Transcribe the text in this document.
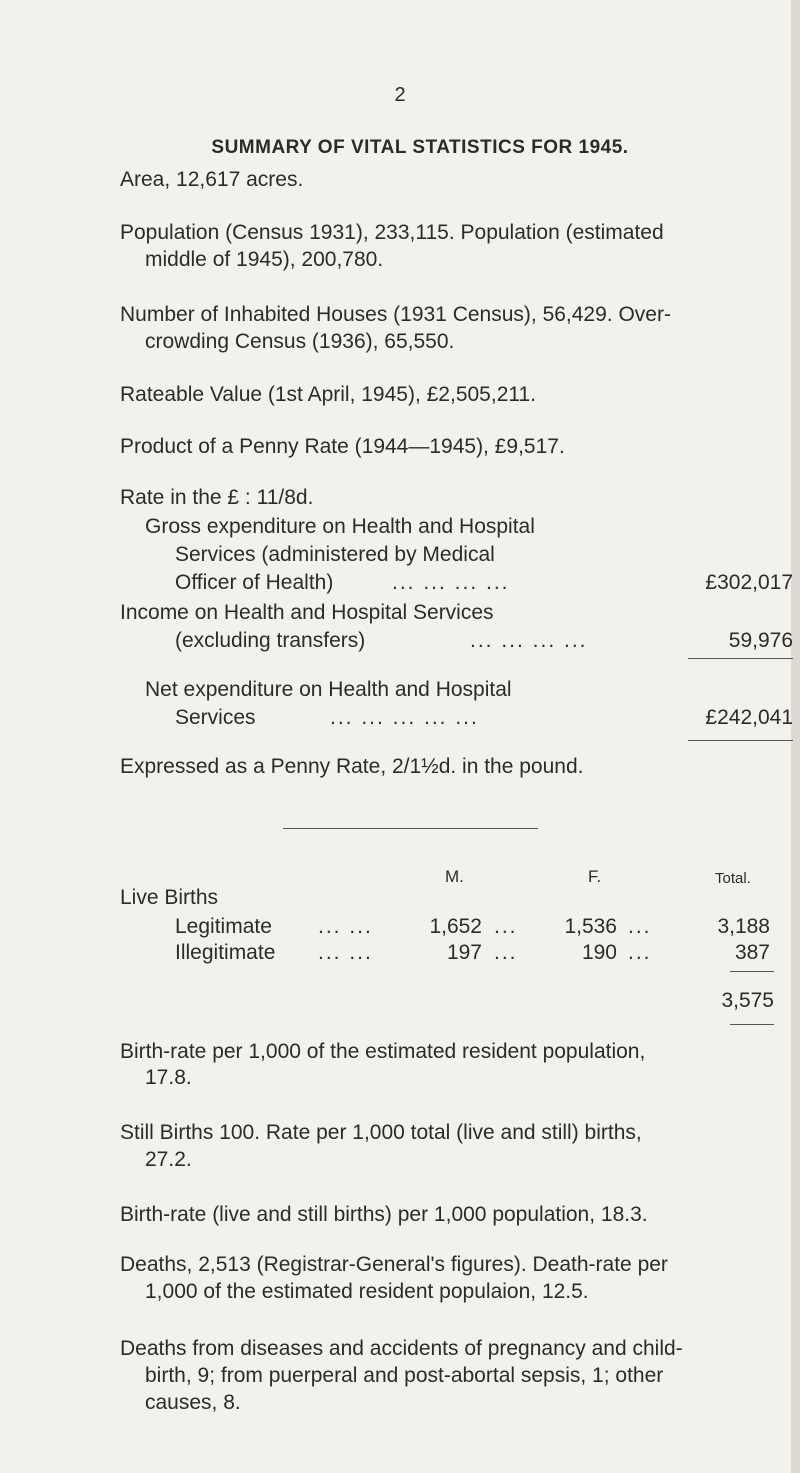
2
SUMMARY OF VITAL STATISTICS FOR 1945.
Area, 12,617 acres.
Population (Census 1931), 233,115. Population (estimated
middle of 1945), 200,780.
Number of Inhabited Houses (1931 Census), 56,429. Over-
crowding Census (1936), 65,550.
Rateable Value (1st April, 1945), £2,505,211.
Product of a Penny Rate (1944—1945), £9,517.
Rate in the £ : 11/8d.
Gross expenditure on Health and Hospital
Services (administered by Medical
Officer of Health)	... ... ... ...	£302,017
Income on Health and Hospital Services
(excluding transfers)	... ... ... ...	59,976
Net expenditure on Health and Hospital
Services	... ... ... ... ...	£242,041
Expressed as a Penny Rate, 2/1½d. in the pound.
M.	F.	Total.
Live Births
Legitimate ... ...	1,652 ...	1,536 ...	3,188
Illegitimate ... ...	197 ...	190 ...	387
3,575
Birth-rate per 1,000 of the estimated resident population,
17.8.
Still Births 100. Rate per 1,000 total (live and still) births,
27.2.
Birth-rate (live and still births) per 1,000 population, 18.3.
Deaths, 2,513 (Registrar-General's figures). Death-rate per
1,000 of the estimated resident populaion, 12.5.
Deaths from diseases and accidents of pregnancy and child-
birth, 9; from puerperal and post-abortal sepsis, 1; other
causes, 8.
